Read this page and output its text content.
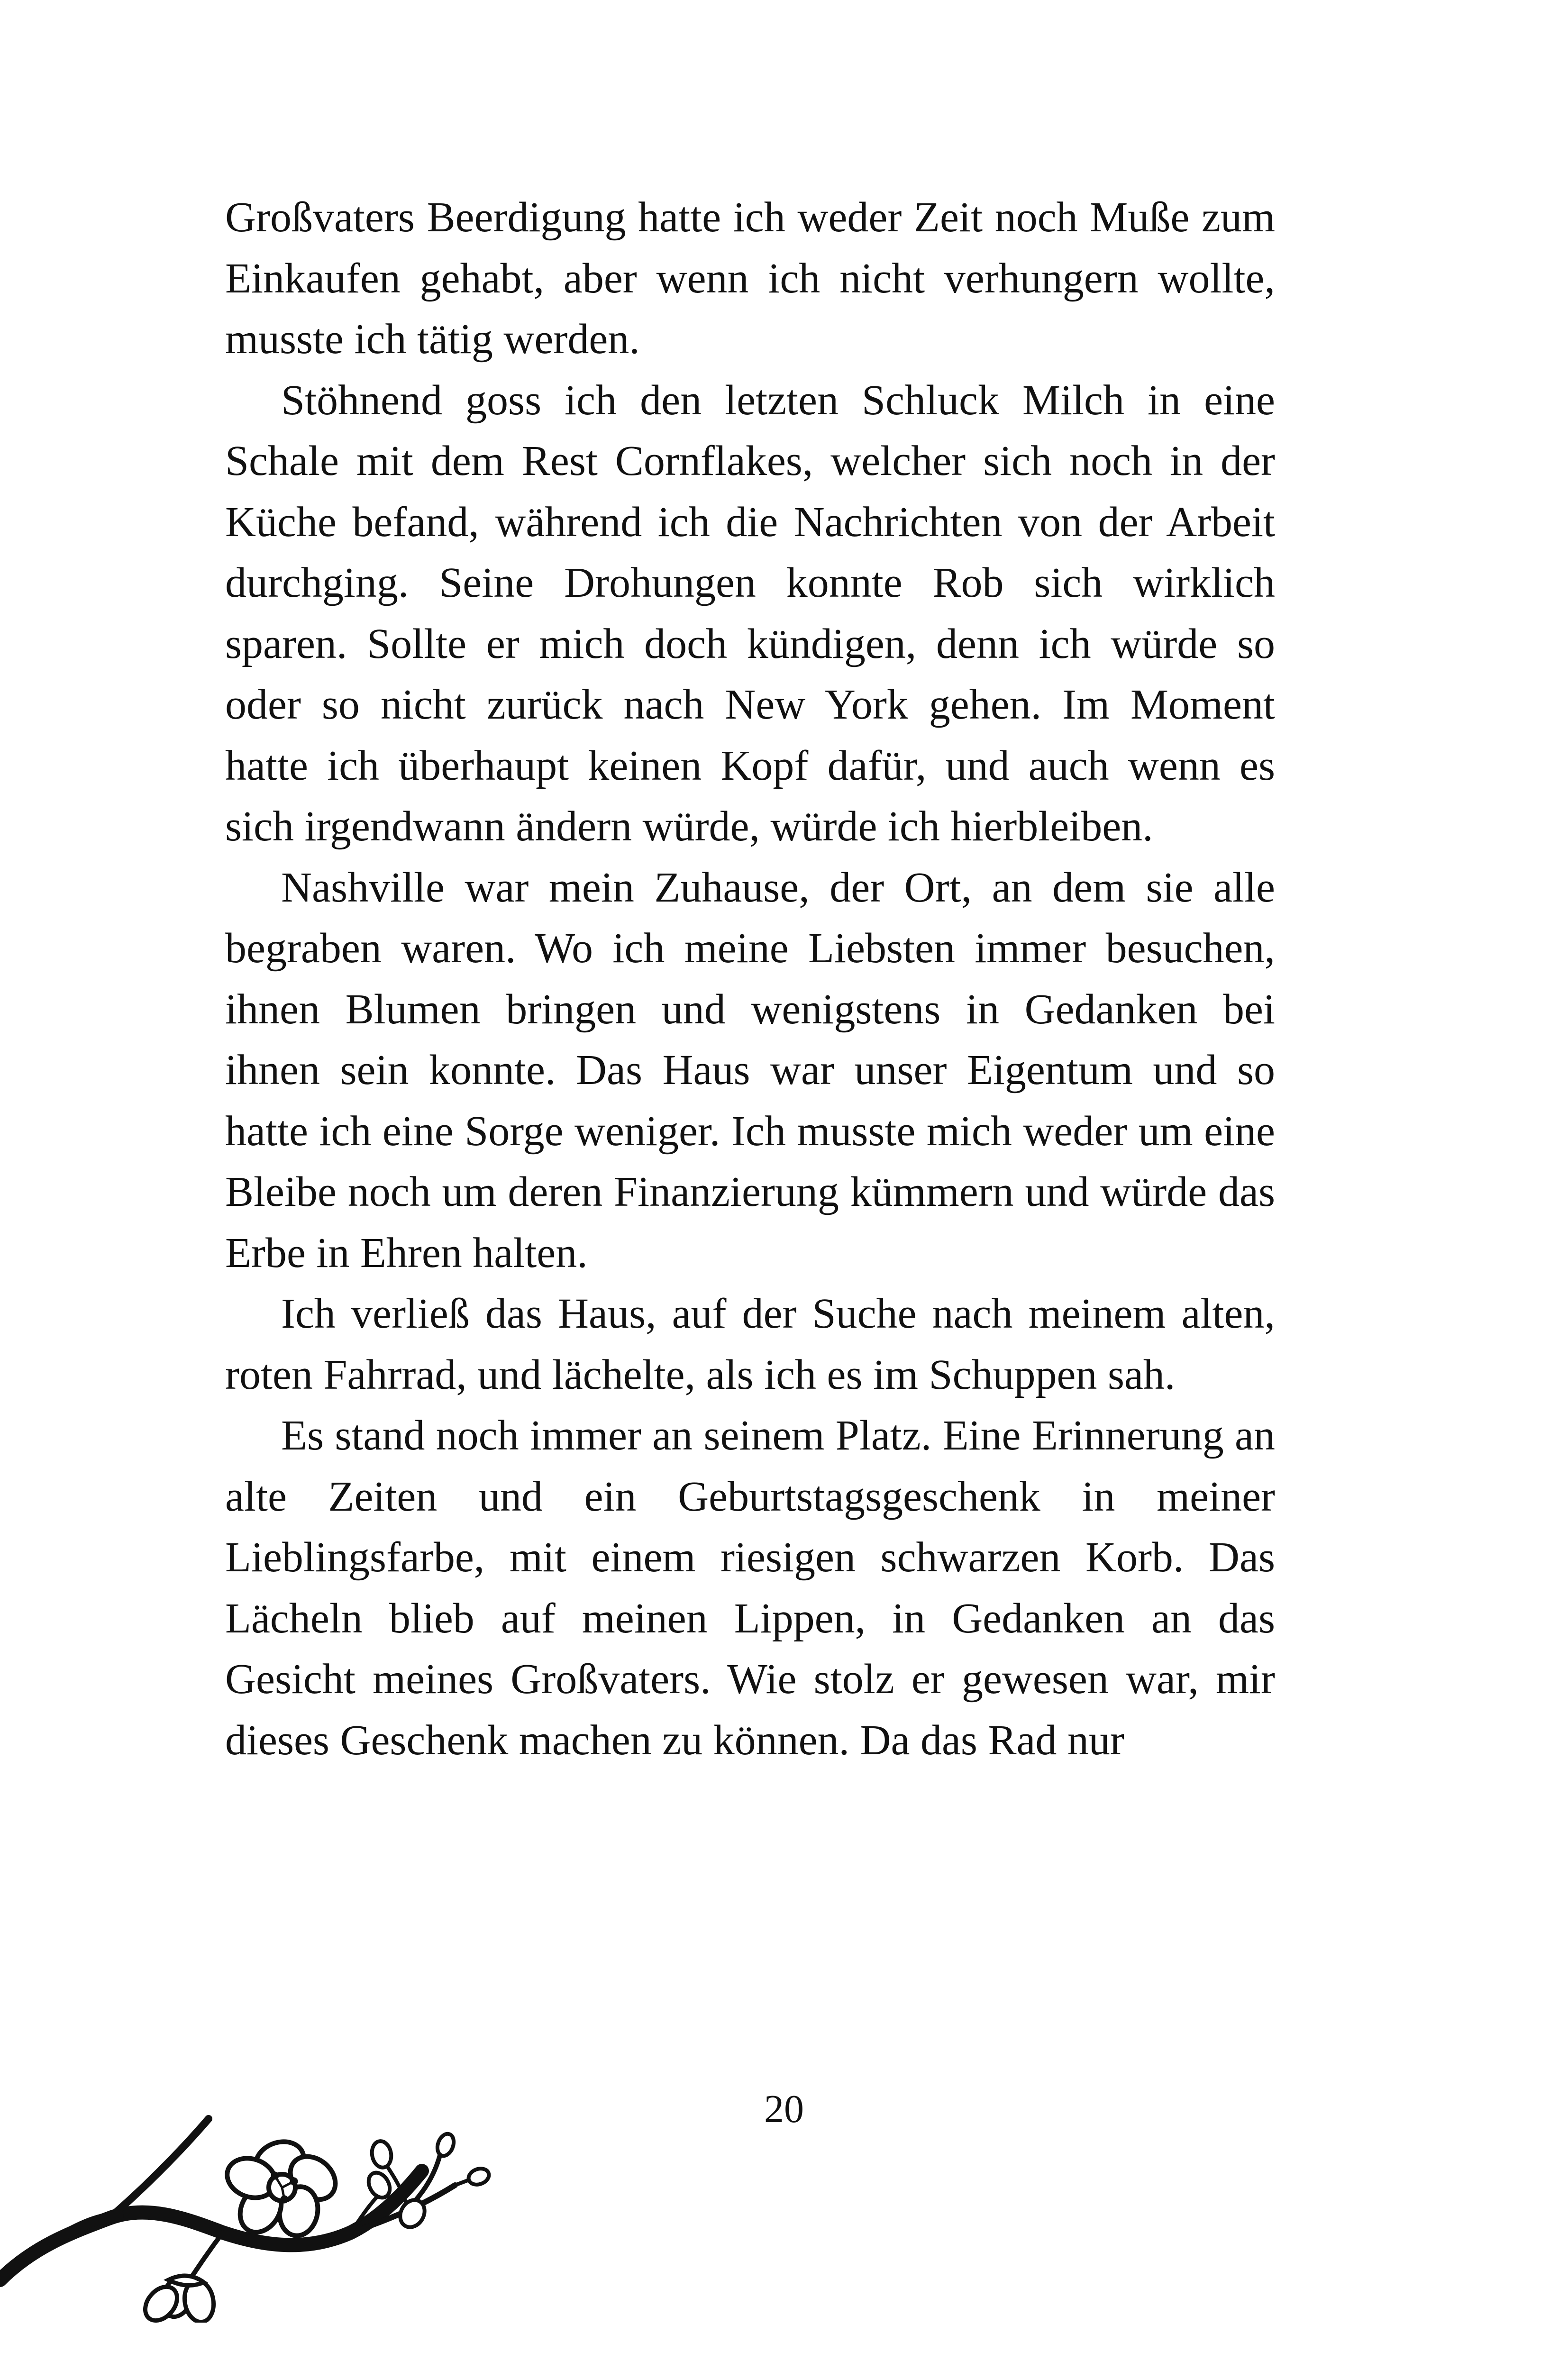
Großvaters Beerdigung hatte ich weder Zeit noch Muße zum Einkaufen gehabt, aber wenn ich nicht verhungern wollte, musste ich tätig werden.

Stöhnend goss ich den letzten Schluck Milch in eine Schale mit dem Rest Cornflakes, welcher sich noch in der Küche befand, während ich die Nachrichten von der Arbeit durchging. Seine Drohungen konnte Rob sich wirklich sparen. Sollte er mich doch kündigen, denn ich würde so oder so nicht zurück nach New York gehen. Im Moment hatte ich überhaupt keinen Kopf dafür, und auch wenn es sich irgendwann ändern würde, würde ich hierbleiben.

Nashville war mein Zuhause, der Ort, an dem sie alle begraben waren. Wo ich meine Liebsten immer besuchen, ihnen Blumen bringen und wenigstens in Gedanken bei ihnen sein konnte. Das Haus war unser Eigentum und so hatte ich eine Sorge weniger. Ich musste mich weder um eine Bleibe noch um deren Finanzierung kümmern und würde das Erbe in Ehren halten.

Ich verließ das Haus, auf der Suche nach meinem alten, roten Fahrrad, und lächelte, als ich es im Schuppen sah.

Es stand noch immer an seinem Platz. Eine Erinnerung an alte Zeiten und ein Geburtstagsgeschenk in meiner Lieblingsfarbe, mit einem riesigen schwarzen Korb. Das Lächeln blieb auf meinen Lippen, in Gedanken an das Gesicht meines Großvaters. Wie stolz er gewesen war, mir dieses Geschenk machen zu können. Da das Rad nur

20
